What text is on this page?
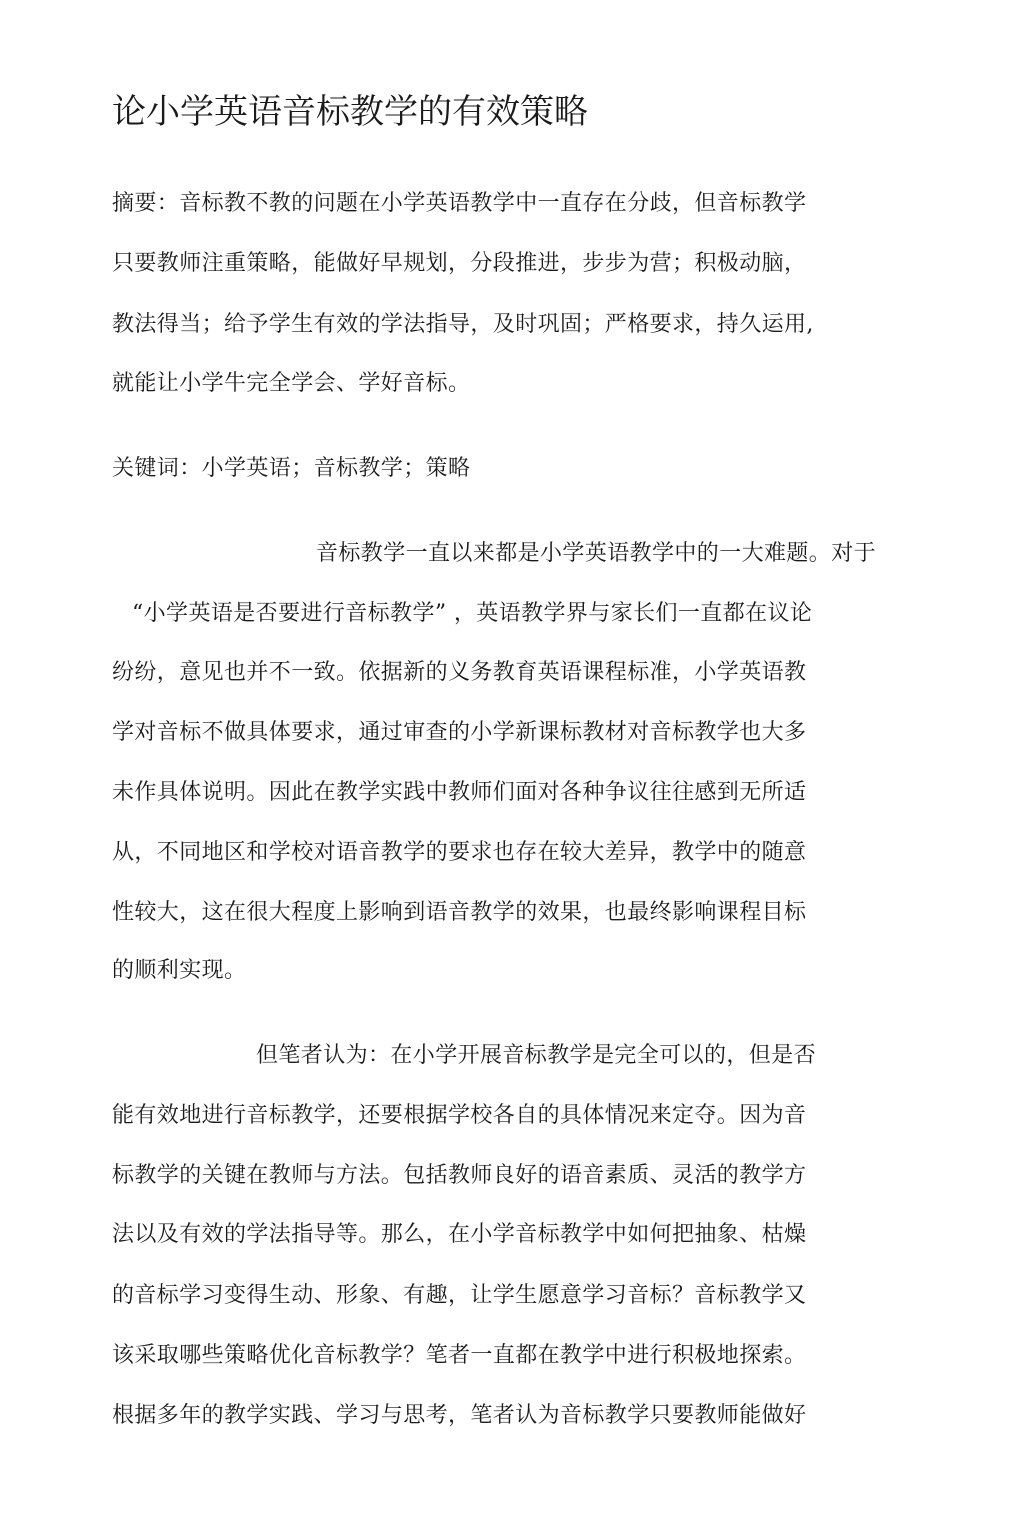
论小学英语音标教学的有效策略

摘要：音标教不教的问题在小学英语教学中一直存在分歧，但音标教学

只要教师注重策略，能做好早规划，分段推进，步步为营；积极动脑，

教法得当；给予学生有效的学法指导，及时巩固；严格要求，持久运用,

就能让小学牛完全学会、学好音标。

关键词：小学英语；音标教学；策略

音标教学一直以来都是小学英语教学中的一大难题。对于

“小学英语是否要进行音标教学” ，英语教学界与家长们一直都在议论

纷纷，意见也并不一致。依据新的义务教育英语课程标准，小学英语教

学对音标不做具体要求，通过审查的小学新课标教材对音标教学也大多

未作具体说明。因此在教学实践中教师们面对各种争议往往感到无所适

从，不同地区和学校对语音教学的要求也存在较大差异，教学中的随意

性较大，这在很大程度上影响到语音教学的效果，也最终影响课程目标

的顺利实现。

但笔者认为：在小学开展音标教学是完全可以的，但是否

能有效地进行音标教学，还要根据学校各自的具体情况来定夺。因为音

标教学的关键在教师与方法。包括教师良好的语音素质、灵活的教学方

法以及有效的学法指导等。那么，在小学音标教学中如何把抽象、枯燥

的音标学习变得生动、形象、有趣，让学生愿意学习音标？音标教学又

该采取哪些策略优化音标教学？笔者一直都在教学中进行积极地探索。

根据多年的教学实践、学习与思考，笔者认为音标教学只要教师能做好
